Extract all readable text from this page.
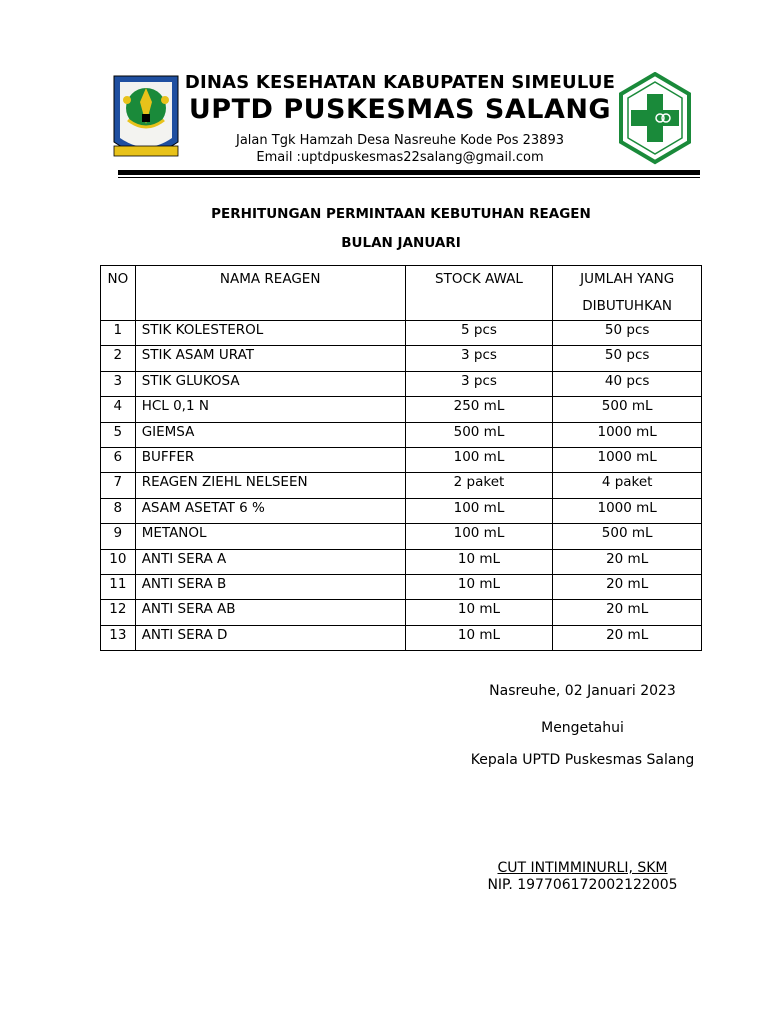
DINAS KESEHATAN KABUPATEN SIMEULUE
UPTD PUSKESMAS SALANG
Jalan Tgk Hamzah Desa Nasreuhe Kode Pos 23893
Email :uptdpuskesmas22salang@gmail.com
PERHITUNGAN PERMINTAAN KEBUTUHAN REAGEN
BULAN JANUARI
NO	NAMA REAGEN	STOCK AWAL	JUMLAH YANG
DIBUTUHKAN
1	STIK KOLESTEROL	5 pcs	50 pcs
2	STIK ASAM URAT	3 pcs	50 pcs
3	STIK GLUKOSA	3 pcs	40 pcs
4	HCL 0,1 N	250 mL	500 mL
5	GIEMSA	500 mL	1000 mL
6	BUFFER	100 mL	1000 mL
7	REAGEN ZIEHL NELSEEN	2 paket	4 paket
8	ASAM ASETAT 6 %	100 mL	1000 mL
9	METANOL	100 mL	500 mL
10	ANTI SERA A	10 mL	20 mL
11	ANTI SERA B	10 mL	20 mL
12	ANTI SERA AB	10 mL	20 mL
13	ANTI SERA D	10 mL	20 mL
Nasreuhe, 02 Januari 2023
Mengetahui
Kepala UPTD Puskesmas Salang
CUT INTIMMINURLI, SKM
NIP. 197706172002122005
